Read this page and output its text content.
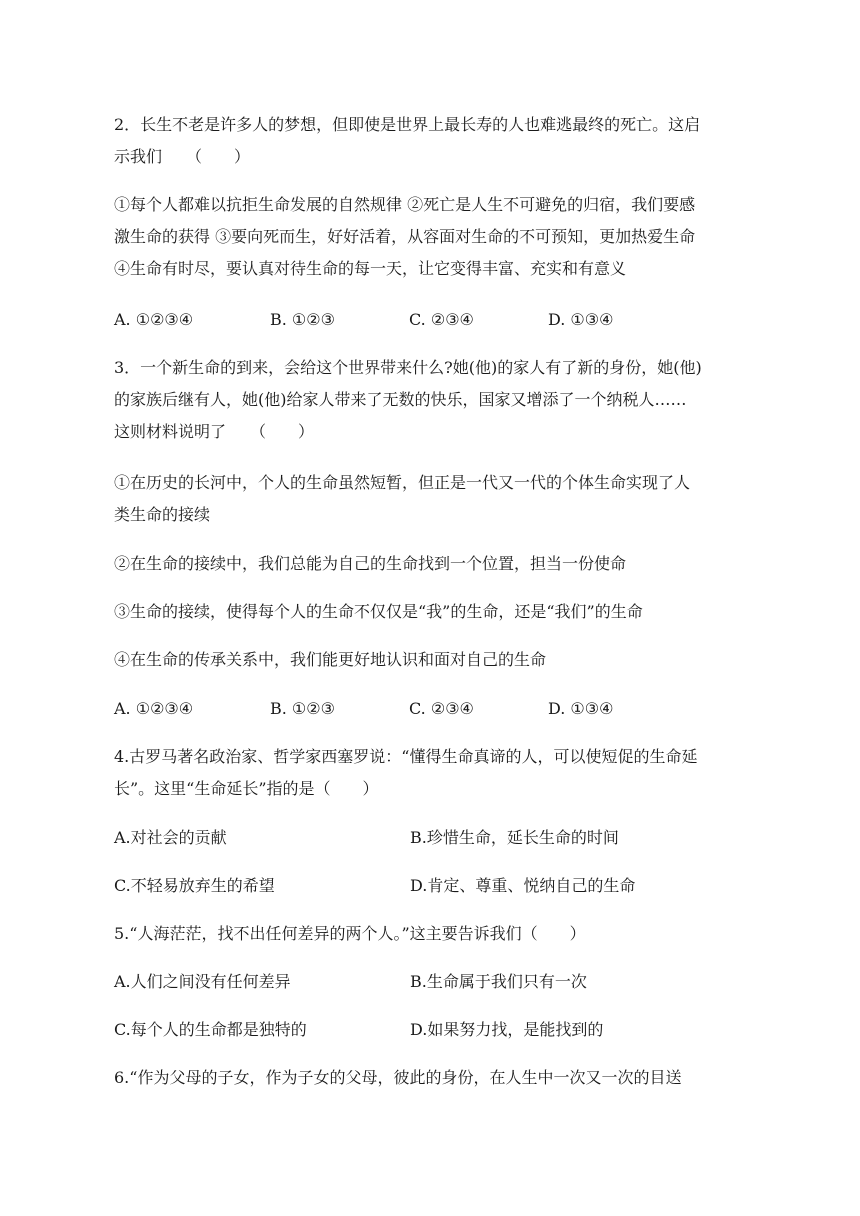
2．长生不老是许多人的梦想，但即使是世界上最长寿的人也难逃最终的死亡。这启
示我们　　（　　）
①每个人都难以抗拒生命发展的自然规律 ②死亡是人生不可避免的归宿，我们要感
激生命的获得 ③要向死而生，好好活着，从容面对生命的不可预知，更加热爱生命
④生命有时尽，要认真对待生命的每一天，让它变得丰富、充实和有意义
A. ①②③④	B. ①②③	C. ②③④	D. ①③④
3．一个新生命的到来，会给这个世界带来什么?她(他)的家人有了新的身份，她(他)
的家族后继有人，她(他)给家人带来了无数的快乐，国家又增添了一个纳税人……
这则材料说明了　　（　　）
①在历史的长河中，个人的生命虽然短暂，但正是一代又一代的个体生命实现了人
类生命的接续
②在生命的接续中，我们总能为自己的生命找到一个位置，担当一份使命
③生命的接续，使得每个人的生命不仅仅是“我”的生命，还是“我们”的生命
④在生命的传承关系中，我们能更好地认识和面对自己的生命
A. ①②③④	B. ①②③	C. ②③④	D. ①③④
4.古罗马著名政治家、哲学家西塞罗说：“懂得生命真谛的人，可以使短促的生命延
长”。这里“生命延长”指的是（　　）
A.对社会的贡献	B.珍惜生命，延长生命的时间
C.不轻易放弃生的希望	D.肯定、尊重、悦纳自己的生命
5.“人海茫茫，找不出任何差异的两个人。”这主要告诉我们（　　）
A.人们之间没有任何差异	B.生命属于我们只有一次
C.每个人的生命都是独特的	D.如果努力找，是能找到的
6.“作为父母的子女，作为子女的父母，彼此的身份，在人生中一次又一次的目送
